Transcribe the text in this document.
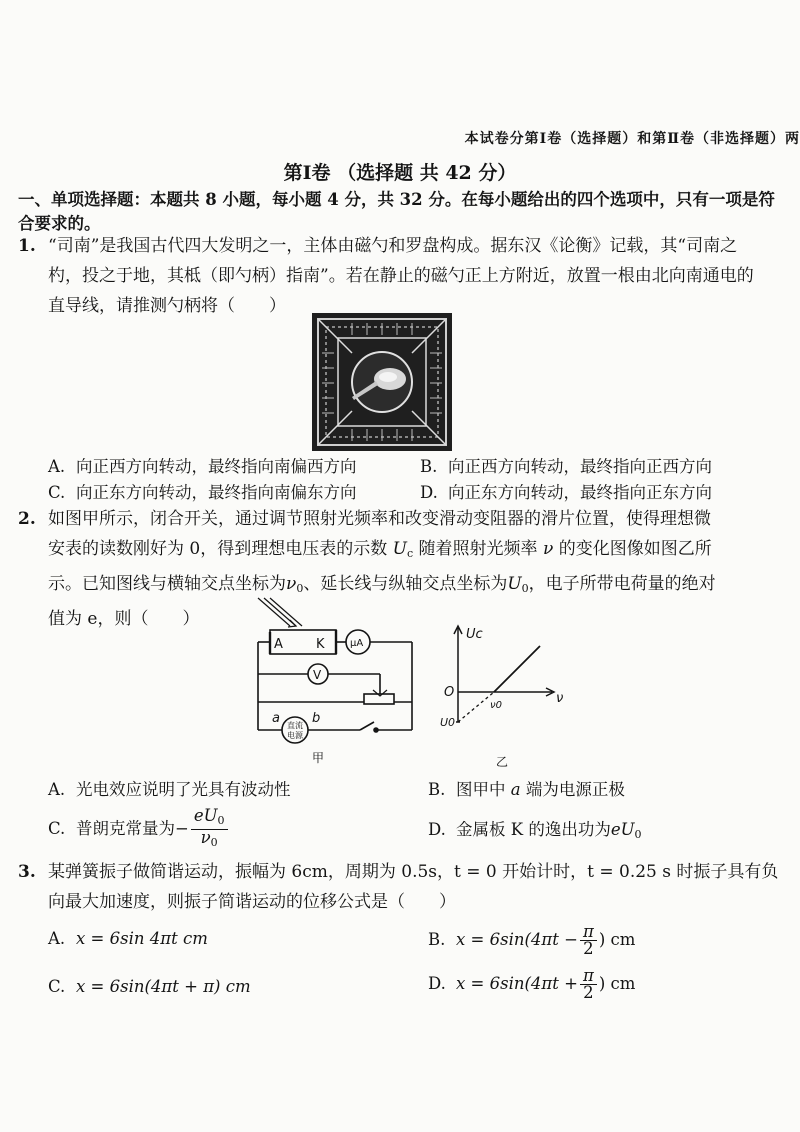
本试卷分第Ⅰ卷（选择题）和第Ⅱ卷（非选择题）两
第Ⅰ卷 （选择题 共 42 分）
一、单项选择题：本题共 8 小题，每小题 4 分，共 32 分。在每小题给出的四个选项中，只有一项是符合要求的。
1. “司南”是我国古代四大发明之一，主体由磁勺和罗盘构成。据东汉《论衡》记载，其“司南之杓，投之于地，其柢（即勺柄）指南”。若在静止的磁勺正上方附近，放置一根由北向南通电的直导线，请推测勺柄将（　　）
A. 向正西方向转动，最终指向南偏西方向	B. 向正西方向转动，最终指向正西方向
C. 向正东方向转动，最终指向南偏东方向	D. 向正东方向转动，最终指向正东方向
2. 如图甲所示，闭合开关，通过调节照射光频率和改变滑动变阻器的滑片位置，使得理想微
安表的读数刚好为 0，得到理想电压表的示数 $U_c$ 随着照射光频率 ν 的变化图像如图乙所
示。已知图线与横轴交点坐标为$\nu_0$、延长线与纵轴交点坐标为$U_0$，电子所带电荷量的绝对
值为 e，则（　　）
A	K	μA
V
a b
直流
电源
甲
Uc
ν
O
ν0
U0
乙
A. 光电效应说明了光具有波动性	B. 图甲中 a 端为电源正极
C. 普朗克常量为− $\frac{eU_0}{\nu_0}$	D. 金属板 K 的逸出功为$eU_0$
3. 某弹簧振子做简谐运动，振幅为 6cm，周期为 0.5s，t = 0 开始计时，t = 0.25 s 时振子具有负
向最大加速度，则振子简谐运动的位移公式是（　　）
A. x = 6sin 4πt cm	B. $x = 6\sin(4\pi t - \frac{\pi}{2}$ ) cm
C. x = 6sin(4πt + π) cm	D. $x = 6\sin(4\pi t + \frac{\pi}{2}$ ) cm
